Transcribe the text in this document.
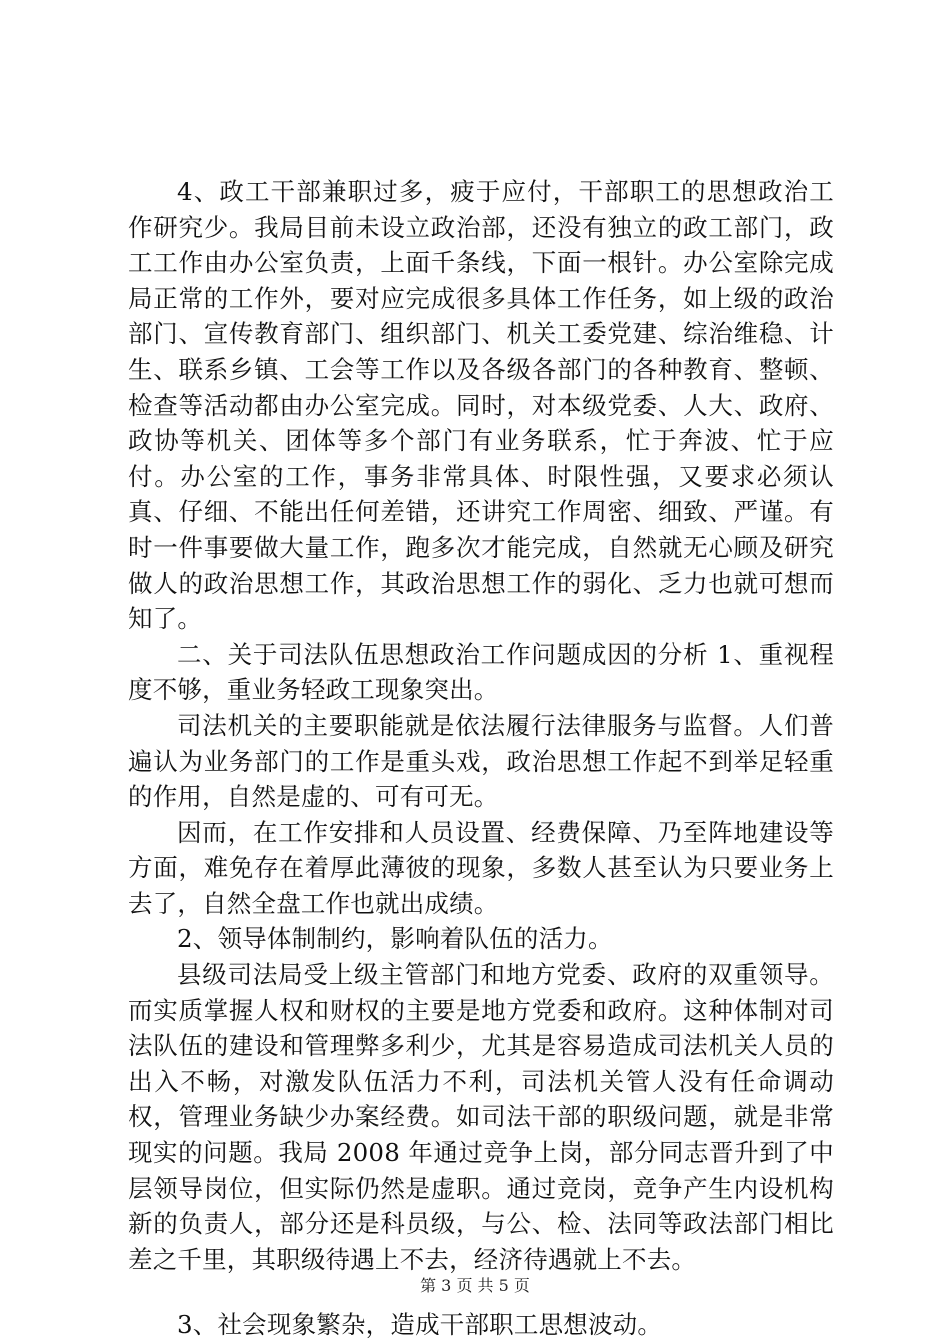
4、政工干部兼职过多，疲于应付，干部职工的思想政治工作研究少。我局目前未设立政治部，还没有独立的政工部门，政工工作由办公室负责，上面千条线，下面一根针。办公室除完成局正常的工作外，要对应完成很多具体工作任务，如上级的政治部门、宣传教育部门、组织部门、机关工委党建、综治维稳、计生、联系乡镇、工会等工作以及各级各部门的各种教育、整顿、检查等活动都由办公室完成。同时，对本级党委、人大、政府、政协等机关、团体等多个部门有业务联系，忙于奔波、忙于应付。办公室的工作，事务非常具体、时限性强，又要求必须认真、仔细、不能出任何差错，还讲究工作周密、细致、严谨。有时一件事要做大量工作，跑多次才能完成，自然就无心顾及研究做人的政治思想工作，其政治思想工作的弱化、乏力也就可想而知了。

二、关于司法队伍思想政治工作问题成因的分析 1、重视程度不够，重业务轻政工现象突出。

司法机关的主要职能就是依法履行法律服务与监督。人们普遍认为业务部门的工作是重头戏，政治思想工作起不到举足轻重的作用，自然是虚的、可有可无。

因而，在工作安排和人员设置、经费保障、乃至阵地建设等方面，难免存在着厚此薄彼的现象，多数人甚至认为只要业务上去了，自然全盘工作也就出成绩。

2、领导体制制约，影响着队伍的活力。

县级司法局受上级主管部门和地方党委、政府的双重领导。而实质掌握人权和财权的主要是地方党委和政府。这种体制对司法队伍的建设和管理弊多利少，尤其是容易造成司法机关人员的出入不畅，对激发队伍活力不利，司法机关管人没有任命调动权，管理业务缺少办案经费。如司法干部的职级问题，就是非常现实的问题。我局 2008 年通过竞争上岗，部分同志晋升到了中层领导岗位，但实际仍然是虚职。通过竞岗，竞争产生内设机构新的负责人，部分还是科员级，与公、检、法同等政法部门相比差之千里，其职级待遇上不去，经济待遇就上不去。

3、社会现象繁杂，造成干部职工思想波动。

第 3 页 共 5 页
